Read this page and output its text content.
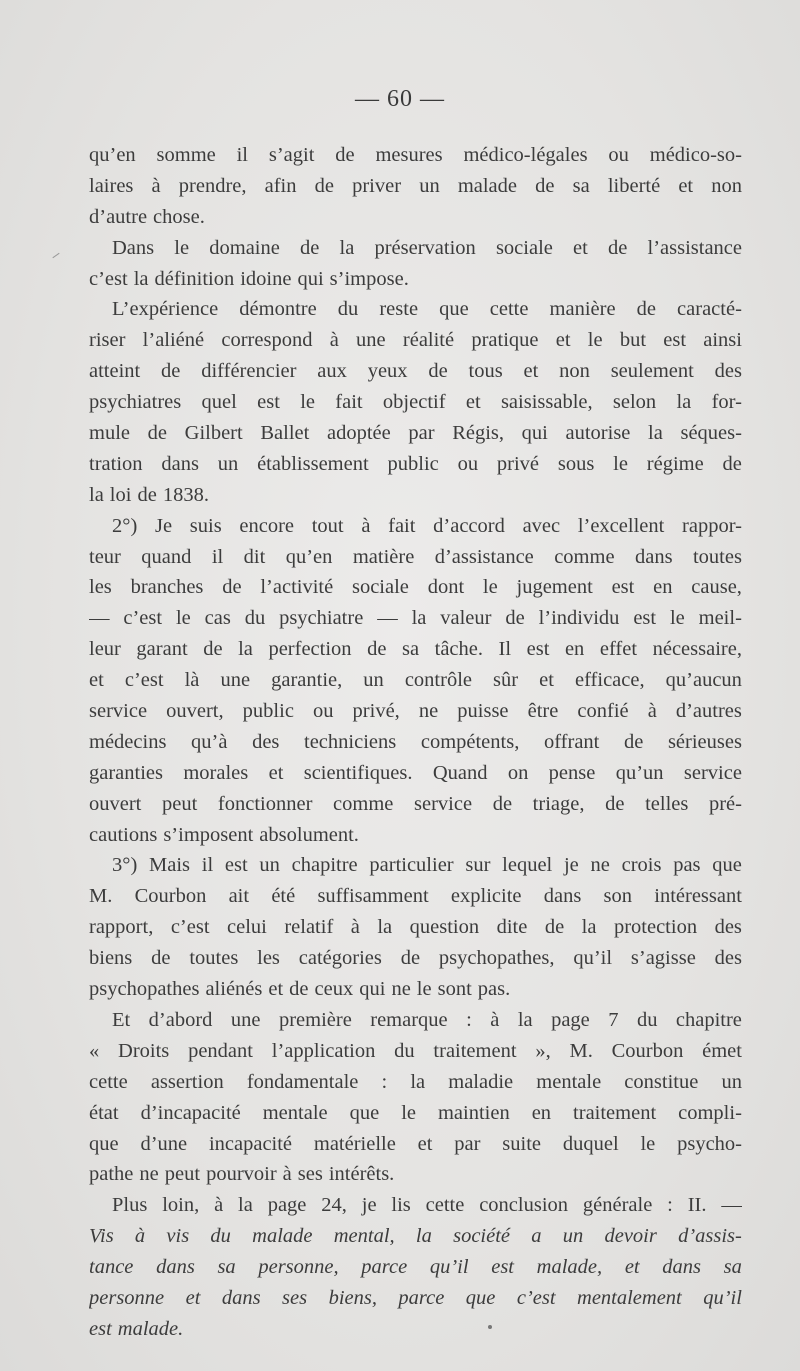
— 60 —
qu’en somme il s’agit de mesures médico-légales ou médico-so-
laires à prendre, afin de priver un malade de sa liberté et non
d’autre chose.
Dans le domaine de la préservation sociale et de l’assistance
c’est la définition idoine qui s’impose.
L’expérience démontre du reste que cette manière de caracté-
riser l’aliéné correspond à une réalité pratique et le but est ainsi
atteint de différencier aux yeux de tous et non seulement des
psychiatres quel est le fait objectif et saisissable, selon la for-
mule de Gilbert Ballet adoptée par Régis, qui autorise la séques-
tration dans un établissement public ou privé sous le régime de
la loi de 1838.
2°) Je suis encore tout à fait d’accord avec l’excellent rappor-
teur quand il dit qu’en matière d’assistance comme dans toutes
les branches de l’activité sociale dont le jugement est en cause,
— c’est le cas du psychiatre — la valeur de l’individu est le meil-
leur garant de la perfection de sa tâche. Il est en effet nécessaire,
et c’est là une garantie, un contrôle sûr et efficace, qu’aucun
service ouvert, public ou privé, ne puisse être confié à d’autres
médecins qu’à des techniciens compétents, offrant de sérieuses
garanties morales et scientifiques. Quand on pense qu’un service
ouvert peut fonctionner comme service de triage, de telles pré-
cautions s’imposent absolument.
3°) Mais il est un chapitre particulier sur lequel je ne crois pas que
M. Courbon ait été suffisamment explicite dans son intéressant
rapport, c’est celui relatif à la question dite de la protection des
biens de toutes les catégories de psychopathes, qu’il s’agisse des
psychopathes aliénés et de ceux qui ne le sont pas.
Et d’abord une première remarque : à la page 7 du chapitre
« Droits pendant l’application du traitement », M. Courbon émet
cette assertion fondamentale : la maladie mentale constitue un
état d’incapacité mentale que le maintien en traitement compli-
que d’une incapacité matérielle et par suite duquel le psycho-
pathe ne peut pourvoir à ses intérêts.
Plus loin, à la page 24, je lis cette conclusion générale : II. —
Vis à vis du malade mental, la société a un devoir d’assis-
tance dans sa personne, parce qu’il est malade, et dans sa
personne et dans ses biens, parce que c’est mentalement qu’il
est malade.
